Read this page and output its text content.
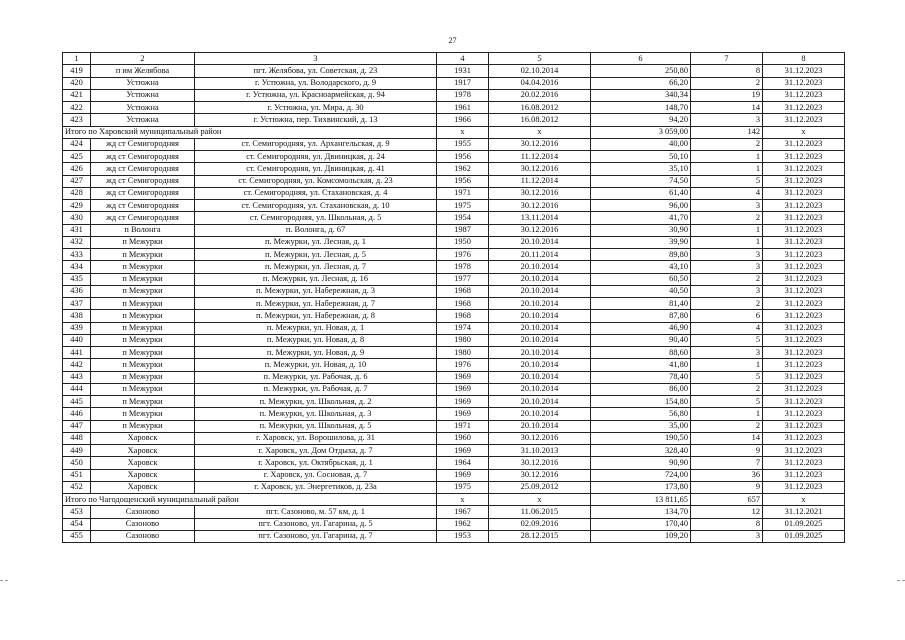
27
1	2	3	4	5	6	7	8
419	п им Желябова	пгт. Желябова, ул. Советская, д. 23	1931	02.10.2014	250,80	8	31.12.2023
420	Устюжна	г. Устюжна, ул. Володарского, д. 9	1917	04.04.2016	66,20	2	31.12.2023
421	Устюжна	г. Устюжна, ул. Красноармейская, д. 94	1978	20.02.2016	340,34	19	31.12.2023
422	Устюжна	г. Устюжна, ул. Мира, д. 30	1961	16.08.2012	148,70	14	31.12.2023
423	Устюжна	г. Устюжна, пер. Тихвинский, д. 13	1966	16.08.2012	94,20	3	31.12.2023
Итого по Харовский муниципальный район			x	x	3 059,00	142	x
424	жд ст Семигородняя	ст. Семигородняя, ул. Архангельская, д. 9	1955	30.12.2016	40,00	2	31.12.2023
425	жд ст Семигородняя	ст. Семигородняя, ул. Двиницкая, д. 24	1956	11.12.2014	50,10	1	31.12.2023
426	жд ст Семигородняя	ст. Семигородняя, ул. Двиницкая, д. 41	1962	30.12.2016	35,10	1	31.12.2023
427	жд ст Семигородняя	ст. Семигородняя, ул. Комсомольская, д. 23	1956	11.12.2014	74,50	5	31.12.2023
428	жд ст Семигородняя	ст. Семигородняя, ул. Стахановская, д. 4	1971	30.12.2016	61,40	4	31.12.2023
429	жд ст Семигородняя	ст. Семигородняя, ул. Стахановская, д. 10	1975	30.12.2016	96,00	3	31.12.2023
430	жд ст Семигородняя	ст. Семигородняя, ул. Школьная, д. 5	1954	13.11.2014	41,70	2	31.12.2023
431	п Волонга	п. Волонга, д. 67	1987	30.12.2016	30,90	1	31.12.2023
432	п Межурки	п. Межурки, ул. Лесная, д. 1	1950	20.10.2014	39,90	1	31.12.2023
433	п Межурки	п. Межурки, ул. Лесная, д. 5	1976	20.11.2014	89,80	3	31.12.2023
434	п Межурки	п. Межурки, ул. Лесная, д. 7	1978	20.10.2014	43,10	3	31.12.2023
435	п Межурки	п. Межурки, ул. Лесная, д. 16	1977	20.10.2014	60,50	2	31.12.2023
436	п Межурки	п. Межурки, ул. Набережная, д. 3	1968	20.10.2014	40,50	3	31.12.2023
437	п Межурки	п. Межурки, ул. Набережная, д. 7	1968	20.10.2014	81,40	2	31.12.2023
438	п Межурки	п. Межурки, ул. Набережная, д. 8	1968	20.10.2014	87,80	6	31.12.2023
439	п Межурки	п. Межурки, ул. Новая, д. 1	1974	20.10.2014	46,90	4	31.12.2023
440	п Межурки	п. Межурки, ул. Новая, д. 8	1980	20.10.2014	90,40	5	31.12.2023
441	п Межурки	п. Межурки, ул. Новая, д. 9	1980	20.10.2014	88,60	3	31.12.2023
442	п Межурки	п. Межурки, ул. Новая, д. 10	1976	20.10.2014	41,80	1	31.12.2023
443	п Межурки	п. Межурки, ул. Рабочая, д. 6	1969	20.10.2014	78,40	5	31.12.2023
444	п Межурки	п. Межурки, ул. Рабочая, д. 7	1969	20.10.2014	86,00	2	31.12.2023
445	п Межурки	п. Межурки, ул. Школьная, д. 2	1969	20.10.2014	154,80	5	31.12.2023
446	п Межурки	п. Межурки, ул. Школьная, д. 3	1969	20.10.2014	56,80	1	31.12.2023
447	п Межурки	п. Межурки, ул. Школьная, д. 5	1971	20.10.2014	35,00	2	31.12.2023
448	Харовск	г. Харовск, ул. Ворошилова, д. 31	1960	30.12.2016	190,50	14	31.12.2023
449	Харовск	г. Харовск, ул. Дом Отдыха, д. 7	1969	31.10.2013	328,40	9	31.12.2023
450	Харовск	г. Харовск, ул. Октябрьская, д. 1	1964	30.12.2016	90,90	7	31.12.2023
451	Харовск	г. Харовск, ул. Сосновая, д. 7	1969	30.12.2016	724,00	36	31.12.2023
452	Харовск	г. Харовск, ул. Энергетиков, д. 23а	1975	25.09.2012	173,80	9	31.12.2023
Итого по Чагодощенский муниципальный район			x	x	13 811,65	657	x
453	Сазоново	пгт. Сазоново, м. 57 км, д. 1	1967	11.06.2015	134,70	12	31.12.2021
454	Сазоново	пгт. Сазоново, ул. Гагарина, д. 5	1962	02.09.2016	170,40	8	01.09.2025
455	Сазоново	пгт. Сазоново, ул. Гагарина, д. 7	1953	28.12.2015	109,20	3	01.09.2025
